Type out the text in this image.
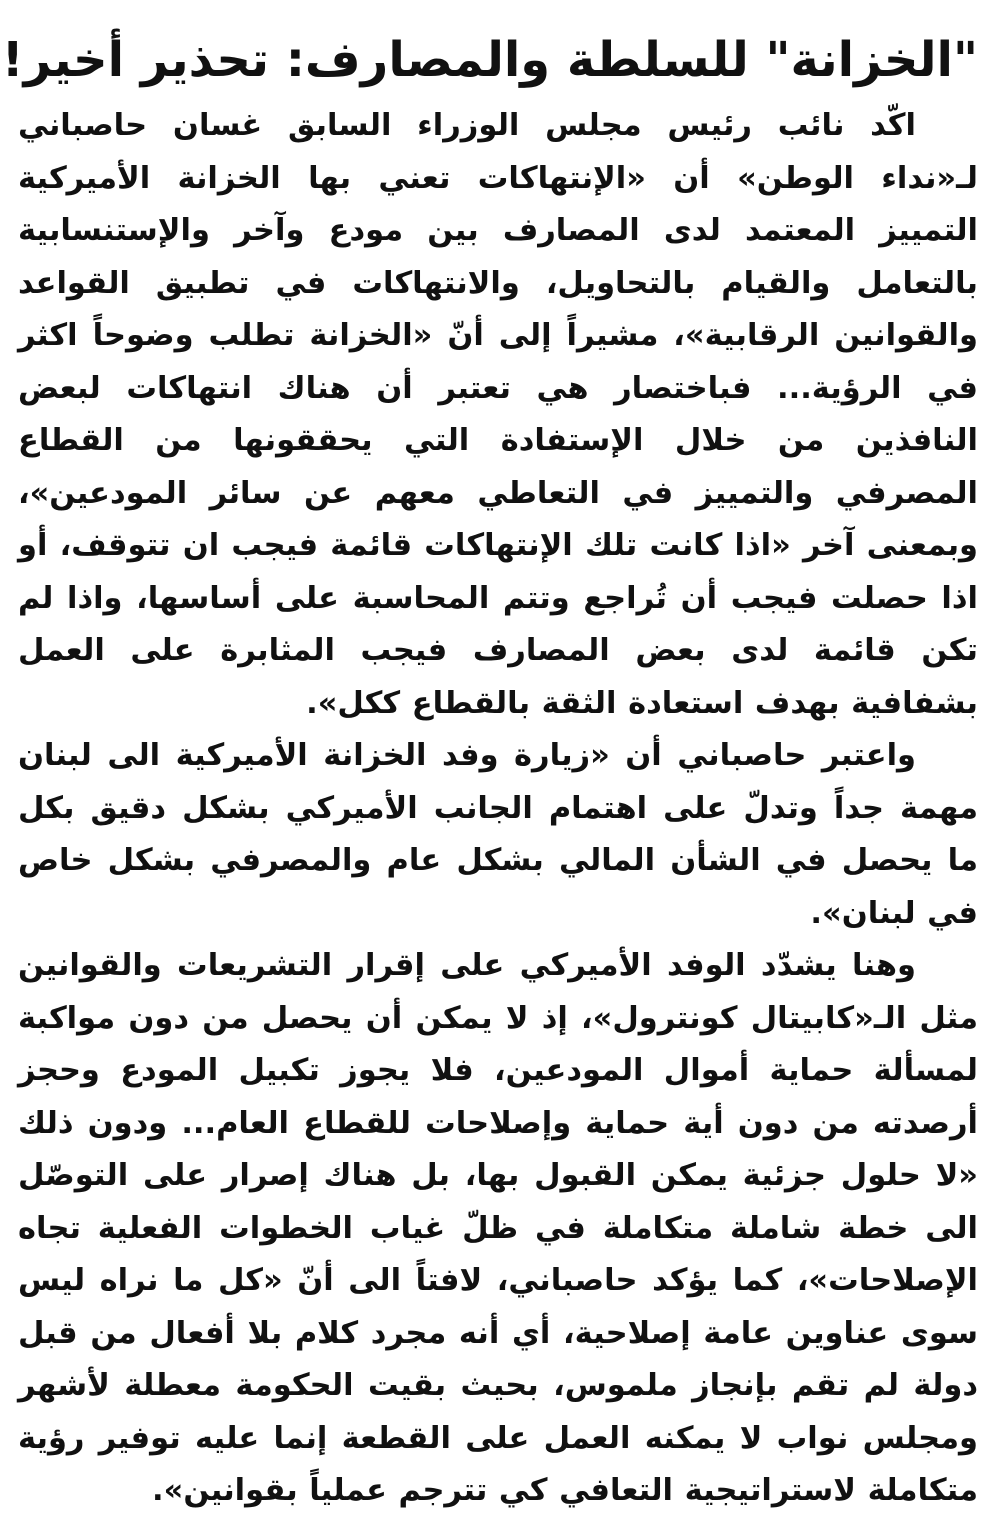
"الخزانة" للسلطة والمصارف: تحذير أخير!

اكّد نائب رئيس مجلس الوزراء السابق غسان حاصباني لـ«نداء الوطن» أن «الإنتهاكات تعني بها الخزانة الأميركية التمييز المعتمد لدى المصارف بين مودع وآخر والإستنسابية بالتعامل والقيام بالتحاويل، والانتهاكات في تطبيق القواعد والقوانين الرقابية»، مشيراً إلى أنّ «الخزانة تطلب وضوحاً اكثر في الرؤية... فباختصار هي تعتبر أن هناك انتهاكات لبعض النافذين من خلال الإستفادة التي يحققونها من القطاع المصرفي والتمييز في التعاطي معهم عن سائر المودعين»، وبمعنى آخر «اذا كانت تلك الإنتهاكات قائمة فيجب ان تتوقف، أو اذا حصلت فيجب أن تُراجع وتتم المحاسبة على أساسها، واذا لم تكن قائمة لدى بعض المصارف فيجب المثابرة على العمل بشفافية بهدف استعادة الثقة بالقطاع ككل».

واعتبر حاصباني أن «زيارة وفد الخزانة الأميركية الى لبنان مهمة جداً وتدلّ على اهتمام الجانب الأميركي بشكل دقيق بكل ما يحصل في الشأن المالي بشكل عام والمصرفي بشكل خاص في لبنان».

وهنا يشدّد الوفد الأميركي على إقرار التشريعات والقوانين مثل الـ«كابيتال كونترول»، إذ لا يمكن أن يحصل من دون مواكبة لمسألة حماية أموال المودعين، فلا يجوز تكبيل المودع وحجز أرصدته من دون أية حماية وإصلاحات للقطاع العام... ودون ذلك «لا حلول جزئية يمكن القبول بها، بل هناك إصرار على التوصّل الى خطة شاملة متكاملة في ظلّ غياب الخطوات الفعلية تجاه الإصلاحات»، كما يؤكد حاصباني، لافتاً الى أنّ «كل ما نراه ليس سوى عناوين عامة إصلاحية، أي أنه مجرد كلام بلا أفعال من قبل دولة لم تقم بإنجاز ملموس، بحيث بقيت الحكومة معطلة لأشهر ومجلس نواب لا يمكنه العمل على القطعة إنما عليه توفير رؤية متكاملة لاستراتيجية التعافي كي تترجم عملياً بقوانين».
